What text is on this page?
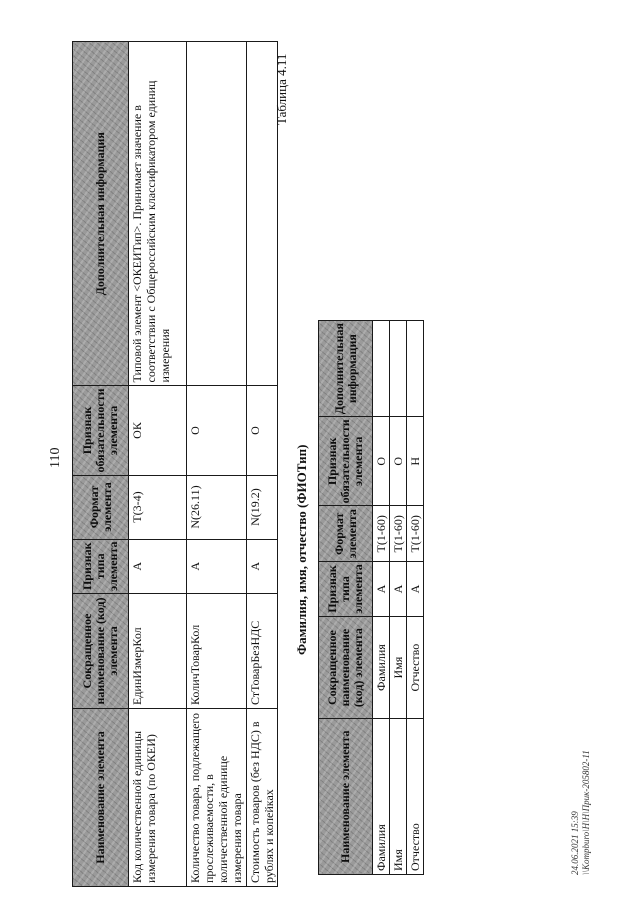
110
Наименование элемента	Сокращенное наименование (код) элемента	Признак типа элемента	Формат элемента	Признак обязательности элемента	Дополнительная информация
Код количественной единицы измерения товара (по ОКЕИ)	ЕдинИзмерКол	А	T(3-4)	ОК	Типовой элемент <ОКЕИТип>. Принимает значение в соответствии с Общероссийским классификатором единиц измерения
Количество товара, подлежащего прослеживаемости, в количественной единице измерения товара	КоличТоварКол	А	N(26.11)	О	
Стоимость товаров (без НДС) в рублях и копейках	СтТоварБезНДС	А	N(19.2)	О	
Таблица 4.11
Фамилия, имя, отчество (ФИОТип)
Наименование элемента	Сокращенное наименование (код) элемента	Признак типа элемента	Формат элемента	Признак обязательности элемента	Дополнительная информация
Фамилия	Фамилия	А	T(1-60)	О	
Имя	Имя	А	T(1-60)	О	
Отчество	Отчество	А	T(1-60)	Н	
24.06.2021 15:39 \\Kompburo\Н\Н\Прик-205802-11
